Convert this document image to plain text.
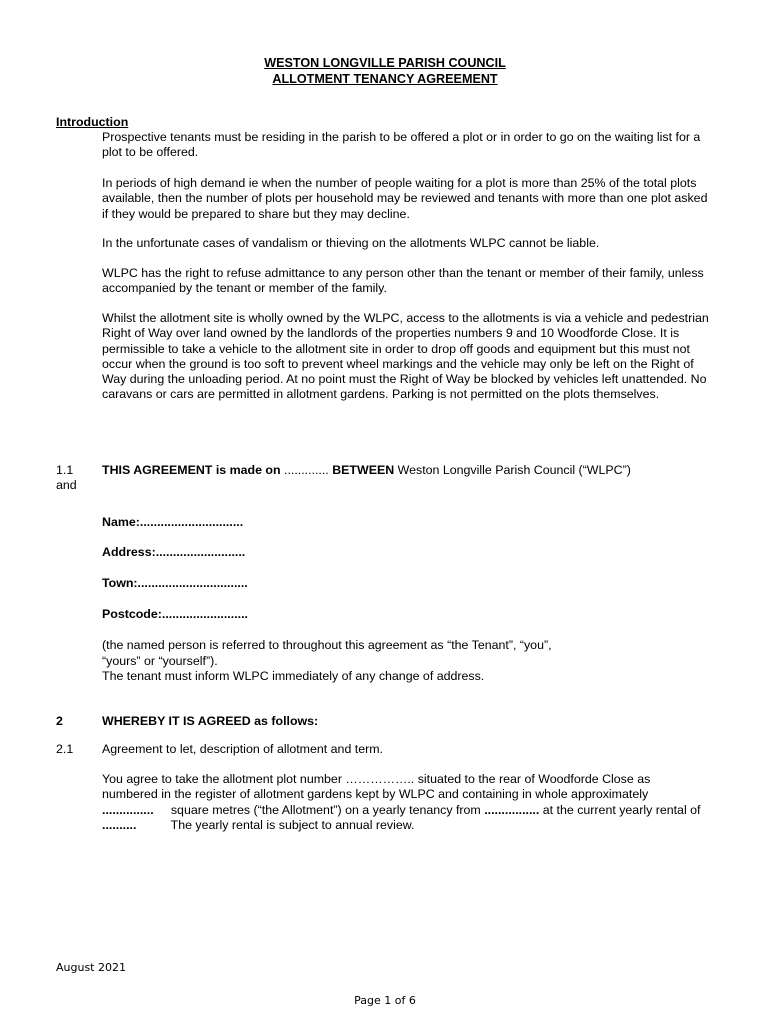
WESTON LONGVILLE PARISH COUNCIL
ALLOTMENT TENANCY AGREEMENT
Introduction
Prospective tenants must be residing in the parish to be offered a plot or in order to go on the waiting list for a plot to be offered.
In periods of high demand ie when the number of people waiting for a plot is more than 25% of the total plots available, then the number of plots per household may be reviewed and tenants with more than one plot asked if they would be prepared to share but they may decline.
In the unfortunate cases of vandalism or thieving on the allotments WLPC cannot be liable.
WLPC has the right to refuse admittance to any person other than the tenant or member of their family, unless accompanied by the tenant or member of the family.
Whilst the allotment site is wholly owned by the WLPC, access to the allotments is via a vehicle and pedestrian Right of Way over land owned by the landlords of the properties numbers 9 and 10 Woodforde Close. It is permissible to take a vehicle to the allotment site in order to drop off goods and equipment but this must not occur when the ground is too soft to prevent wheel markings and the vehicle may only be left on the Right of Way during the unloading period. At no point must the Right of Way be blocked by vehicles left unattended. No caravans or cars are permitted in allotment gardens. Parking is not permitted on the plots themselves.
1.1 THIS AGREEMENT is made on ............. BETWEEN Weston Longville Parish Council (“WLPC”)
and
Name:..............................
Address:..........................
Town:................................
Postcode:.........................
(the named person is referred to throughout this agreement as “the Tenant”, “you”,
“yours” or “yourself”).
The tenant must inform WLPC immediately of any change of address.
2	WHEREBY IT IS AGREED as follows:
2.1 Agreement to let, description of allotment and term.
You agree to take the allotment plot number …………….. situated to the rear of Woodforde Close as numbered in the register of allotment gardens kept by WLPC and containing in whole approximately ............... square metres (“the Allotment”) on a yearly tenancy from ................ at the current yearly rental of ..........	The yearly rental is subject to annual review.
August 2021
Page 1 of 6
